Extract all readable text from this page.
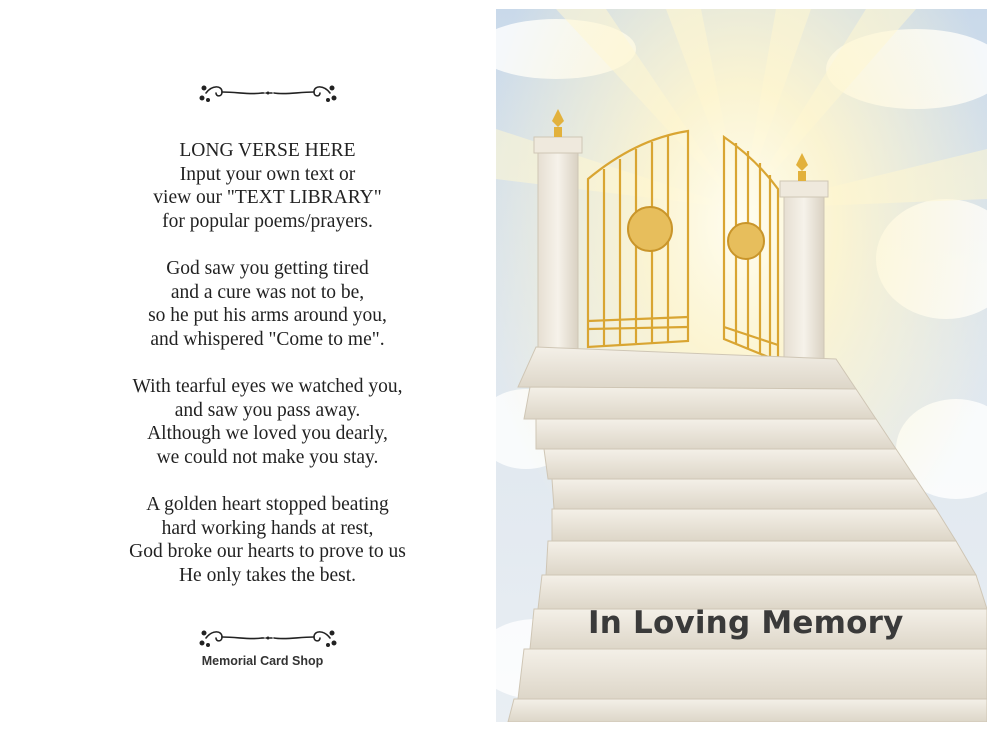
LONG VERSE HERE
Input your own text or
view our "TEXT LIBRARY"
for popular poems/prayers.
God saw you getting tired
and a cure was not to be,
so he put his arms around you,
and whispered "Come to me".
With tearful eyes we watched you,
and saw you pass away.
Although we loved you dearly,
we could not make you stay.
A golden heart stopped beating
hard working hands at rest,
God broke our hearts to prove to us
He only takes the best.
Memorial Card Shop
In Loving Memory
